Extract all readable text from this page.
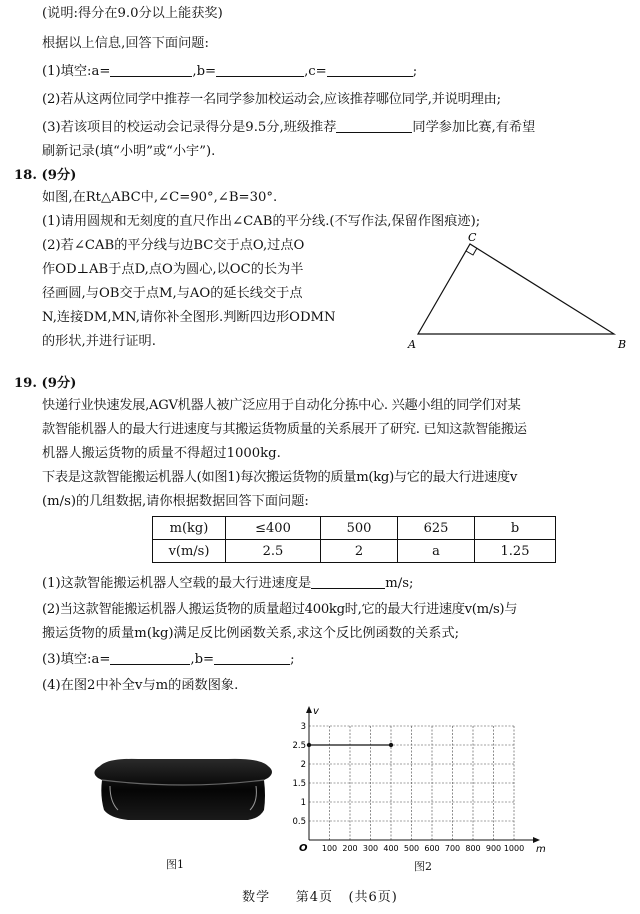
(说明:得分在9.0分以上能获奖)
根据以上信息,回答下面问题:
(1)填空:a=	,b=	,c=	;
(2)若从这两位同学中推荐一名同学参加校运动会,应该推荐哪位同学,并说明理由;
(3)若该项目的校运动会记录得分是9.5分,班级推荐	同学参加比赛,有希望
刷新记录(填“小明”或“小宇”).
18. (9分)
如图,在Rt△ABC中,∠C=90°,∠B=30°.
(1)请用圆规和无刻度的直尺作出∠CAB的平分线.(不写作法,保留作图痕迹);
(2)若∠CAB的平分线与边BC交于点O,过点O
作OD⊥AB于点D,点O为圆心,以OC的长为半
径画圆,与OB交于点M,与AO的延长线交于点
N,连接DM,MN,请你补全图形.判断四边形ODMN
的形状,并进行证明.	A	B
C
19. (9分)
快递行业快速发展,AGV机器人被广泛应用于自动化分拣中心. 兴趣小组的同学们对某
款智能机器人的最大行进速度与其搬运货物质量的关系展开了研究. 已知这款智能搬运
机器人搬运货物的质量不得超过1000kg.
下表是这款智能搬运机器人(如图1)每次搬运货物的质量m(kg)与它的最大行进速度v
(m/s)的几组数据,请你根据数据回答下面问题:
m(kg)	≤400	500	625	b
v(m/s)	2.5	2	a	1.25
(1)这款智能搬运机器人空载的最大行进速度是	m/s;
(2)当这款智能搬运机器人搬运货物的质量超过400kg时,它的最大行进速度v(m/s)与
搬运货物的质量m(kg)满足反比例函数关系,求这个反比例函数的关系式;
(3)填空:a=	,b=	;
(4)在图2中补全v与m的函数图象.
图1
0.5
1
1.5
2
2.5
3
100 200 300 400 500 600 700 800 900 1000
O
v
m
图2
数学 第4页 (共6页)
